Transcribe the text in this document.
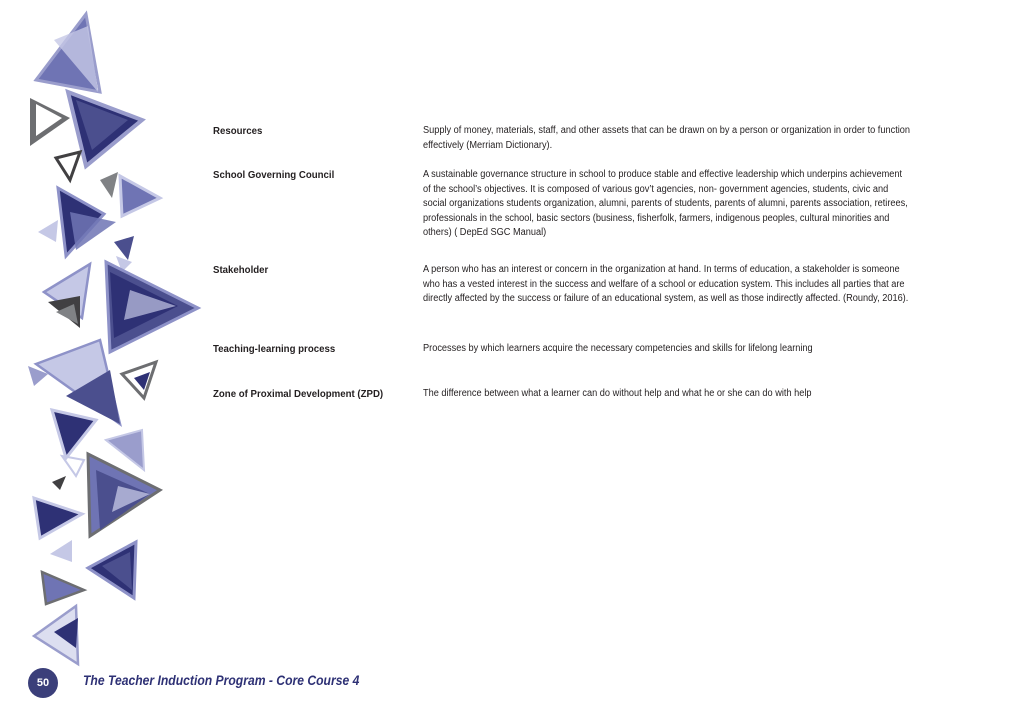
Resources	Supply of money, materials, staff, and other assets that can be drawn on by a person or organization in order to function effectively (Merriam Dictionary).
School Governing Council	A sustainable governance structure in school to produce stable and effective leadership which underpins achievement of the school’s objectives. It is composed of various gov’t agencies, non- government agencies, students, civic and social organizations students organization, alumni, parents of students, parents of alumni, parents association, retirees, professionals in the school, basic sectors (business, fisherfolk, farmers, indigenous peoples, cultural minorities and others) ( DepEd SGC Manual)
Stakeholder	A person who has an interest or concern in the organization at hand. In terms of education, a stakeholder is someone who has a vested interest in the success and welfare of a school or education system. This includes all parties that are directly affected by the success or failure of an educational system, as well as those indirectly affected. (Roundy, 2016).
Teaching-learning process	Processes by which learners acquire the necessary competencies and skills for lifelong learning
Zone of Proximal Development (ZPD)	The difference between what a learner can do without help and what he or she can do with help
50	The Teacher Induction Program - Core Course 4
